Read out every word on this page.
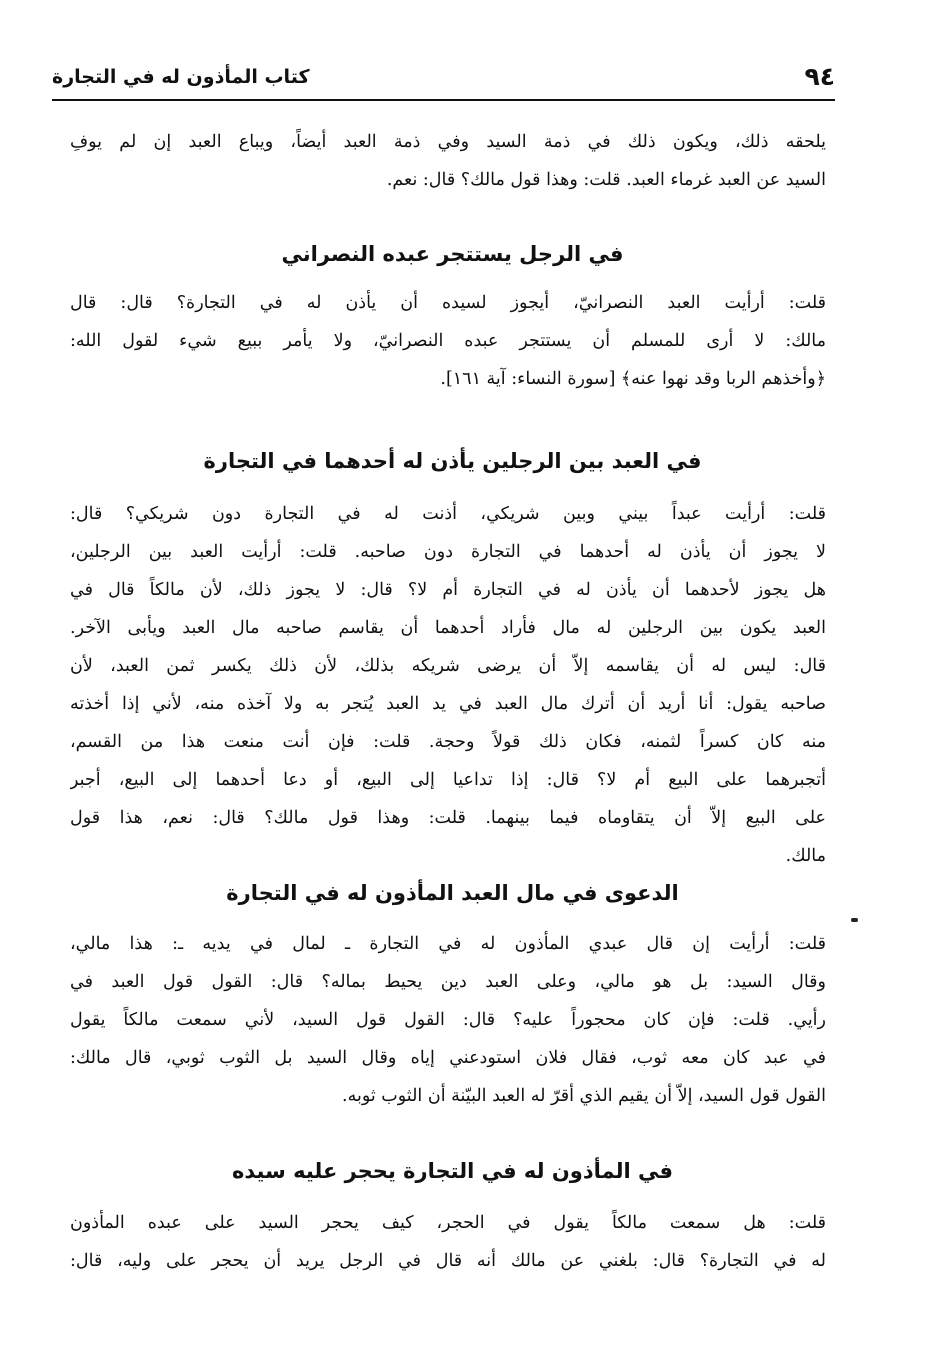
٩٤
كتاب المأذون له في التجارة
يلحقه ذلك، ويكون ذلك في ذمة السيد وفي ذمة العبد أيضاً، ويباع العبد إن لم يوفِ
السيد عن العبد غرماء العبد. قلت: وهذا قول مالك؟ قال: نعم.
في الرجل يستتجر عبده النصراني
قلت: أرأيت العبد النصرانيّ، أيجوز لسيده أن يأذن له في التجارة؟ قال: قال
مالك: لا أرى للمسلم أن يستتجر عبده النصرانيّ، ولا يأمر ببيع شيء لقول الله:
﴿وأخذهم الربا وقد نهوا عنه﴾ [سورة النساء: آية ١٦١].
في العبد بين الرجلين يأذن له أحدهما في التجارة
قلت: أرأيت عبداً بيني وبين شريكي، أذنت له في التجارة دون شريكي؟ قال:
لا يجوز أن يأذن له أحدهما في التجارة دون صاحبه. قلت: أرأيت العبد بين الرجلين،
هل يجوز لأحدهما أن يأذن له في التجارة أم لا؟ قال: لا يجوز ذلك، لأن مالكاً قال في
العبد يكون بين الرجلين له مال فأراد أحدهما أن يقاسم صاحبه مال العبد ويأبى الآخر.
قال: ليس له أن يقاسمه إلاّ أن يرضى شريكه بذلك، لأن ذلك يكسر ثمن العبد، لأن
صاحبه يقول: أنا أريد أن أترك مال العبد في يد العبد يُتجر به ولا آخذه منه، لأني إذا أخذته
منه كان كسراً لثمنه، فكان ذلك قولاً وحجة. قلت: فإن أنت منعت هذا من القسم،
أتجبرهما على البيع أم لا؟ قال: إذا تداعيا إلى البيع، أو دعا أحدهما إلى البيع، أجبر
على البيع إلاّ أن يتقاوماه فيما بينهما. قلت: وهذا قول مالك؟ قال: نعم، هذا قول
مالك.
الدعوى في مال العبد المأذون له في التجارة
قلت: أرأيت إن قال عبدي المأذون له في التجارة ـ لمال في يديه ـ: هذا مالي،
وقال السيد: بل هو مالي، وعلى العبد دين يحيط بماله؟ قال: القول قول العبد في
رأيي. قلت: فإن كان محجوراً عليه؟ قال: القول قول السيد، لأني سمعت مالكاً يقول
في عبد كان معه ثوب، فقال فلان استودعني إياه وقال السيد بل الثوب ثوبي، قال مالك:
القول قول السيد، إلاّ أن يقيم الذي أقرّ له العبد البيّنة أن الثوب ثوبه.
في المأذون له في التجارة يحجر عليه سيده
قلت: هل سمعت مالكاً يقول في الحجر، كيف يحجر السيد على عبده المأذون
له في التجارة؟ قال: بلغني عن مالك أنه قال في الرجل يريد أن يحجر على وليه، قال:
